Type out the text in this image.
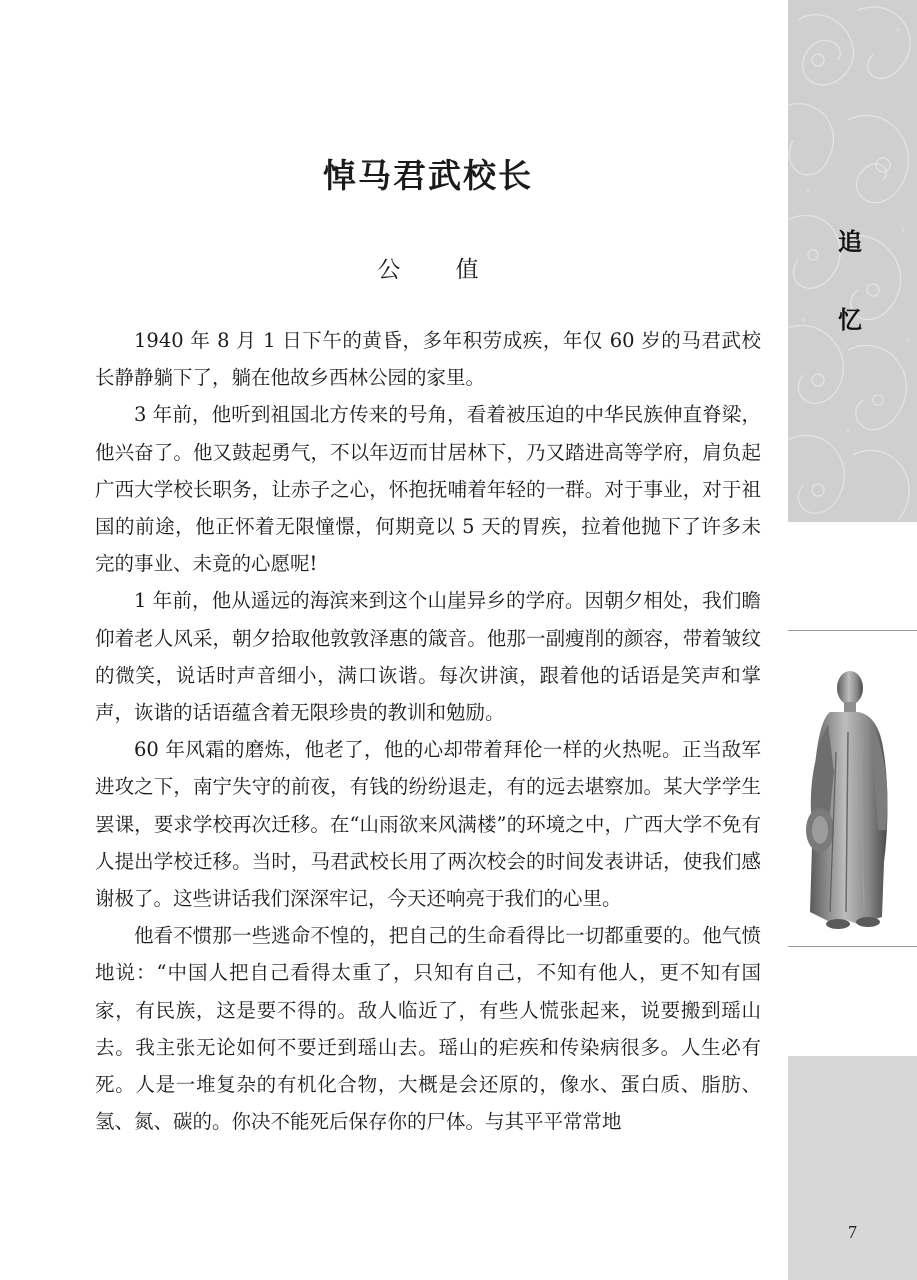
悼马君武校长
公 值

1940 年 8 月 1 日下午的黄昏，多年积劳成疾，年仅 60 岁的马君武校长静静躺下了，躺在他故乡西林公园的家里。

3 年前，他听到祖国北方传来的号角，看着被压迫的中华民族伸直脊梁，他兴奋了。他又鼓起勇气，不以年迈而甘居林下，乃又踏进高等学府，肩负起广西大学校长职务，让赤子之心，怀抱抚哺着年轻的一群。对于事业，对于祖国的前途，他正怀着无限憧憬，何期竟以 5 天的胃疾，拉着他抛下了许多未完的事业、未竟的心愿呢!

1 年前，他从遥远的海滨来到这个山崖异乡的学府。因朝夕相处，我们瞻仰着老人风采，朝夕拾取他敦敦泽惠的箴音。他那一副瘦削的颜容，带着皱纹的微笑，说话时声音细小，满口诙谐。每次讲演，跟着他的话语是笑声和掌声，诙谐的话语蕴含着无限珍贵的教训和勉励。

60 年风霜的磨炼，他老了，他的心却带着拜伦一样的火热呢。正当敌军进攻之下，南宁失守的前夜，有钱的纷纷退走，有的远去堪察加。某大学学生罢课，要求学校再次迁移。在“山雨欲来风满楼”的环境之中，广西大学不免有人提出学校迁移。当时，马君武校长用了两次校会的时间发表讲话，使我们感谢极了。这些讲话我们深深牢记，今天还响亮于我们的心里。

他看不惯那一些逃命不惶的，把自己的生命看得比一切都重要的。他气愤地说：“中国人把自己看得太重了，只知有自己，不知有他人，更不知有国家，有民族，这是要不得的。敌人临近了，有些人慌张起来，说要搬到瑶山去。我主张无论如何不要迁到瑶山去。瑶山的疟疾和传染病很多。人生必有死。人是一堆复杂的有机化合物，大概是会还原的，像水、蛋白质、脂肪、氢、氮、碳的。你决不能死后保存你的尸体。与其平平常常地

追
忆
7
